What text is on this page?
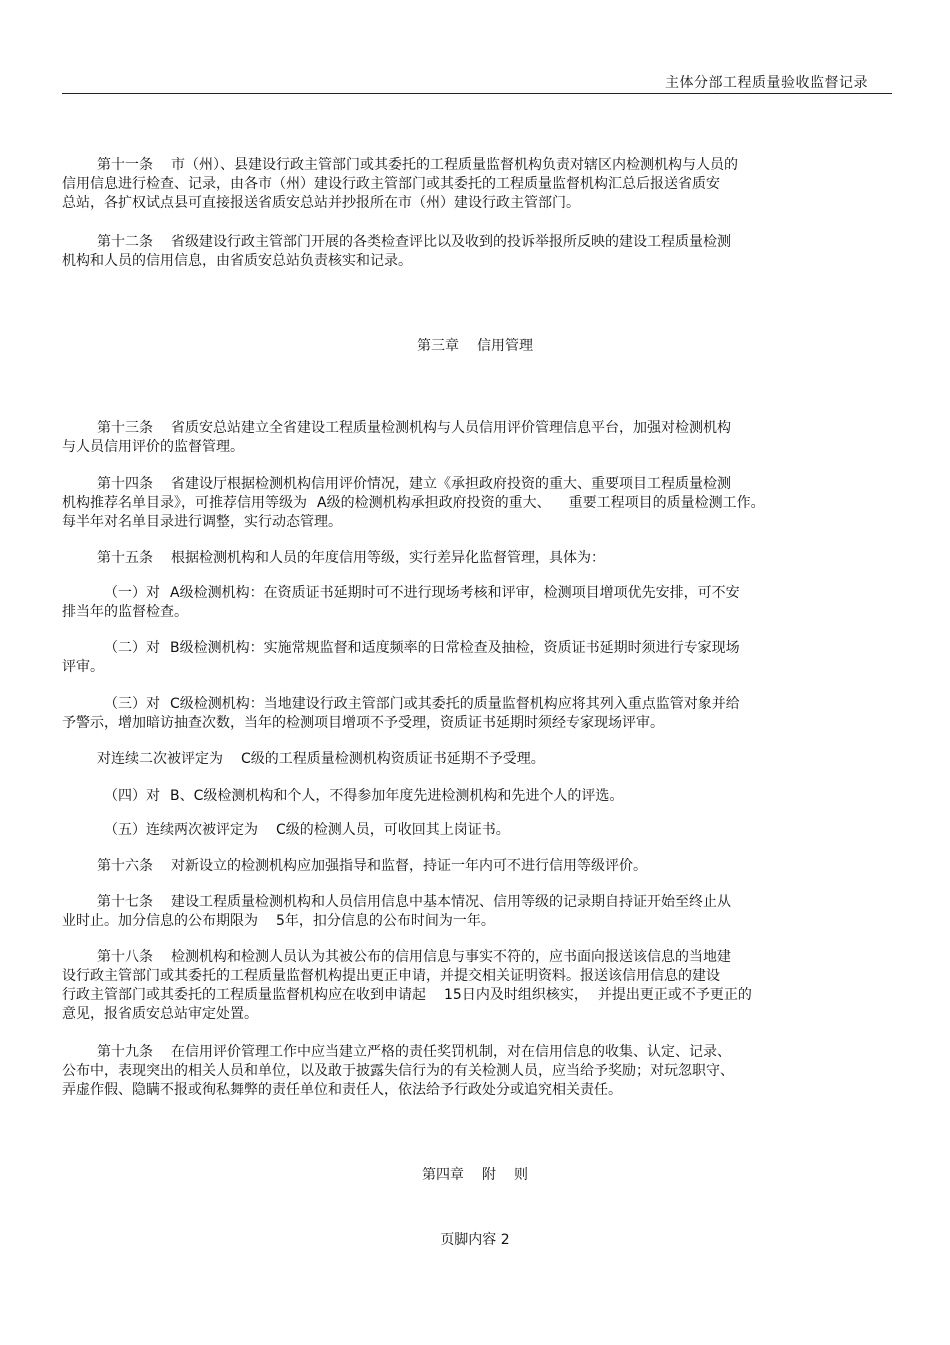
主体分部工程质量验收监督记录
第十一条 市（州）、县建设行政主管部门或其委托的工程质量监督机构负责对辖区内检测机构与人员的
信用信息进行检查、记录，由各市（州）建设行政主管部门或其委托的工程质量监督机构汇总后报送省质安
总站，各扩权试点县可直接报送省质安总站并抄报所在市（州）建设行政主管部门。
第十二条 省级建设行政主管部门开展的各类检查评比以及收到的投诉举报所反映的建设工程质量检测
机构和人员的信用信息，由省质安总站负责核实和记录。
第三章 信用管理
第十三条 省质安总站建立全省建设工程质量检测机构与人员信用评价管理信息平台，加强对检测机构
与人员信用评价的监督管理。
第十四条 省建设厅根据检测机构信用评价情况，建立《承担政府投资的重大、重要项目工程质量检测
机构推荐名单目录》，可推荐信用等级为 A级的检测机构承担政府投资的重大、 重要工程项目的质量检测工作。
每半年对名单目录进行调整，实行动态管理。
第十五条 根据检测机构和人员的年度信用等级，实行差异化监督管理，具体为：
（一）对 A级检测机构：在资质证书延期时可不进行现场考核和评审，检测项目增项优先安排，可不安
排当年的监督检查。
（二）对 B级检测机构：实施常规监督和适度频率的日常检查及抽检，资质证书延期时须进行专家现场
评审。
（三）对 C级检测机构：当地建设行政主管部门或其委托的质量监督机构应将其列入重点监管对象并给
予警示，增加暗访抽查次数，当年的检测项目增项不予受理，资质证书延期时须经专家现场评审。
对连续二次被评定为 C级的工程质量检测机构资质证书延期不予受理。
（四）对 B、C级检测机构和个人，不得参加年度先进检测机构和先进个人的评选。
（五）连续两次被评定为 C级的检测人员，可收回其上岗证书。
第十六条 对新设立的检测机构应加强指导和监督，持证一年内可不进行信用等级评价。
第十七条 建设工程质量检测机构和人员信用信息中基本情况、信用等级的记录期自持证开始至终止从
业时止。加分信息的公布期限为 5年，扣分信息的公布时间为一年。
第十八条 检测机构和检测人员认为其被公布的信用信息与事实不符的，应书面向报送该信息的当地建
设行政主管部门或其委托的工程质量监督机构提出更正申请，并提交相关证明资料。报送该信用信息的建设
行政主管部门或其委托的工程质量监督机构应在收到申请起 15日内及时组织核实， 并提出更正或不予更正的
意见，报省质安总站审定处置。
第十九条 在信用评价管理工作中应当建立严格的责任奖罚机制，对在信用信息的收集、认定、记录、
公布中，表现突出的相关人员和单位，以及敢于披露失信行为的有关检测人员，应当给予奖励；对玩忽职守、
弄虚作假、隐瞒不报或徇私舞弊的责任单位和责任人，依法给予行政处分或追究相关责任。
第四章 附 则
页脚内容 2
